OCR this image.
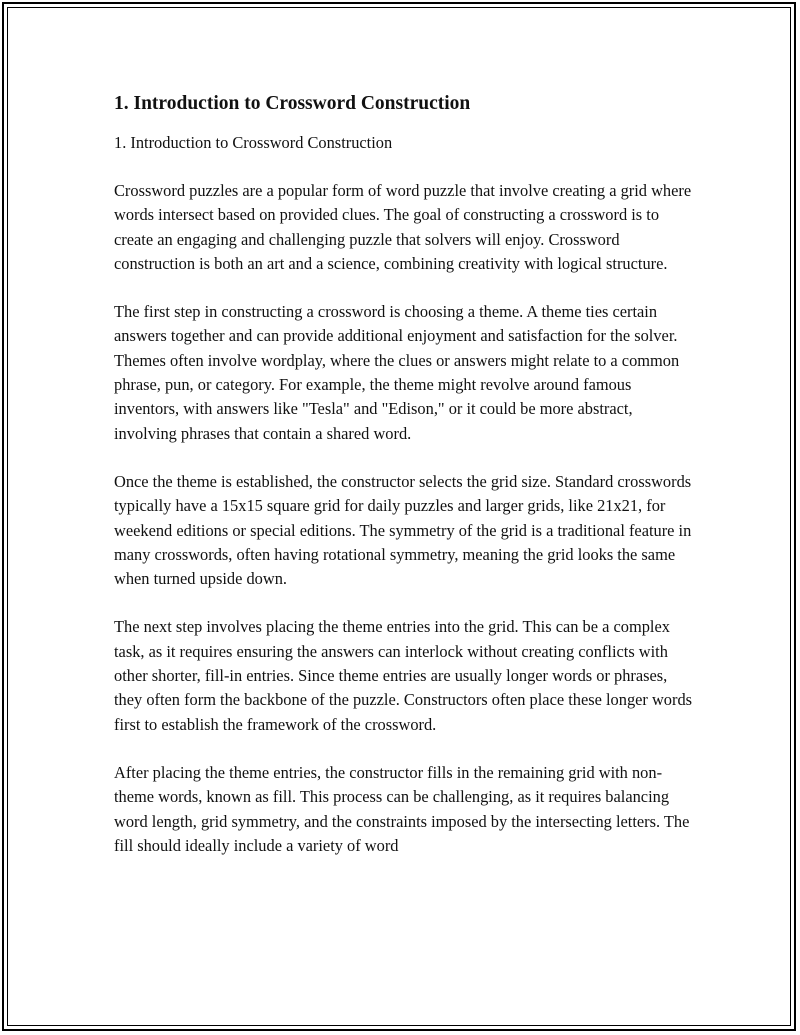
1. Introduction to Crossword Construction

1. Introduction to Crossword Construction

Crossword puzzles are a popular form of word puzzle that involve creating a grid where words intersect based on provided clues. The goal of constructing a crossword is to create an engaging and challenging puzzle that solvers will enjoy. Crossword construction is both an art and a science, combining creativity with logical structure.

The first step in constructing a crossword is choosing a theme. A theme ties certain answers together and can provide additional enjoyment and satisfaction for the solver. Themes often involve wordplay, where the clues or answers might relate to a common phrase, pun, or category. For example, the theme might revolve around famous inventors, with answers like "Tesla" and "Edison," or it could be more abstract, involving phrases that contain a shared word.

Once the theme is established, the constructor selects the grid size. Standard crosswords typically have a 15x15 square grid for daily puzzles and larger grids, like 21x21, for weekend editions or special editions. The symmetry of the grid is a traditional feature in many crosswords, often having rotational symmetry, meaning the grid looks the same when turned upside down.

The next step involves placing the theme entries into the grid. This can be a complex task, as it requires ensuring the answers can interlock without creating conflicts with other shorter, fill-in entries. Since theme entries are usually longer words or phrases, they often form the backbone of the puzzle. Constructors often place these longer words first to establish the framework of the crossword.

After placing the theme entries, the constructor fills in the remaining grid with non-theme words, known as fill. This process can be challenging, as it requires balancing word length, grid symmetry, and the constraints imposed by the intersecting letters. The fill should ideally include a variety of word
